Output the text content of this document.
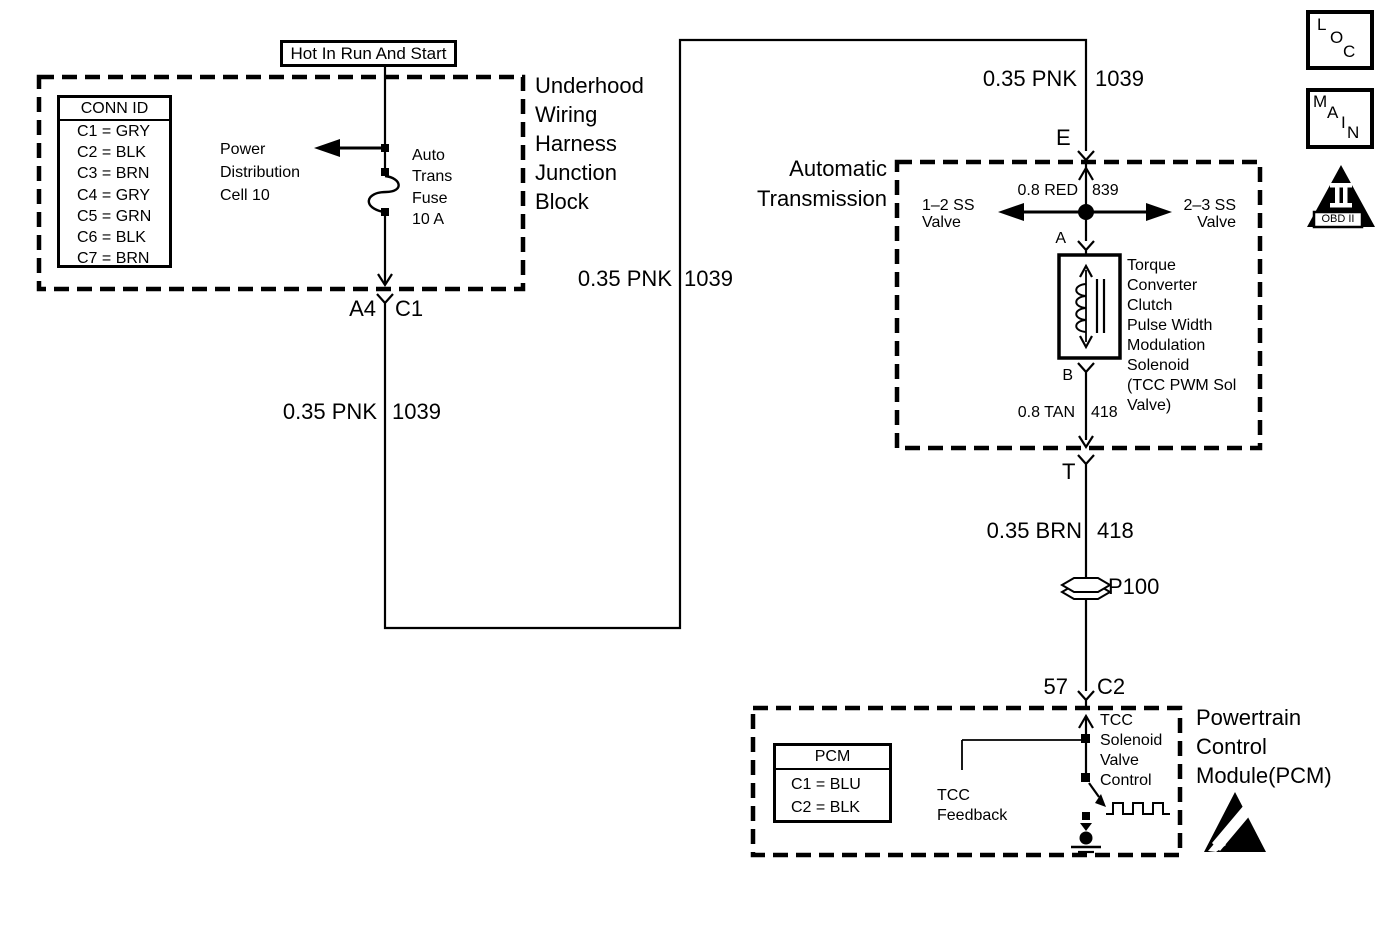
Hot In Run And Start
CONN ID
C1 = GRY
C2 = BLK
C3 = BRN
C4 = GRY
C5 = GRN
C6 = BLK
C7 = BRN
Power
Distribution
Cell 10
Auto
Trans
Fuse
10 A
Underhood
Wiring
Harness
Junction
Block
A4 C1
0.35 PNK 1039
0.35 PNK 1039
0.35 PNK 1039
E
Automatic
Transmission	0.8 RED 839
1–2 SS
Valve
2–3 SS
Valve
A
B
Torque
Converter
Clutch
Pulse Width
Modulation
Solenoid
(TCC PWM Sol
Valve)
0.8 TAN 418
T
0.35 BRN 418
P100
57 C2
PCM
C1 = BLU
C2 = BLK
TCC
Feedback
TCC
Solenoid
Valve
Control
Powertrain
Control
Module(PCM)
L
O
C
M
A
I
N
OBD II
